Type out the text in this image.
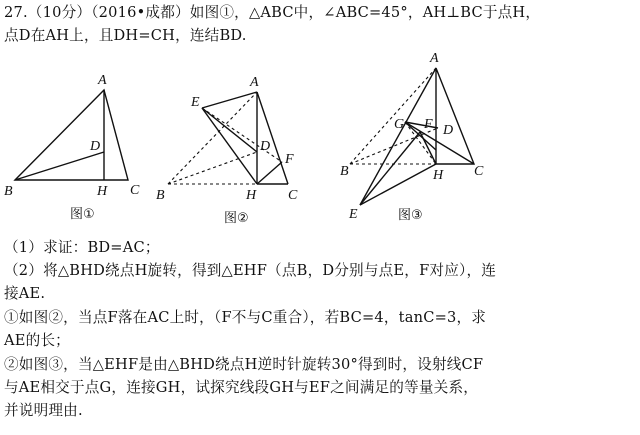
27.（10分）（2016•成都）如图①，△ABC中，∠ABC=45°，AH⊥BC于点H，
点D在AH上，且DH=CH，连结BD.
A
B	C
D
H
图①
A
B	C
D
E
F
H
图②
A
B	C
D
E
F
G
H
图③
（1）求证：BD=AC；
（2）将△BHD绕点H旋转，得到△EHF（点B，D分别与点E，F对应），连
接AE.
①如图②，当点F落在AC上时，（F不与C重合），若BC=4，tanC=3，求
AE的长；
②如图③，当△EHF是由△BHD绕点H逆时针旋转30°得到时，设射线CF
与AE相交于点G，连接GH，试探究线段GH与EF之间满足的等量关系，
并说明理由.
